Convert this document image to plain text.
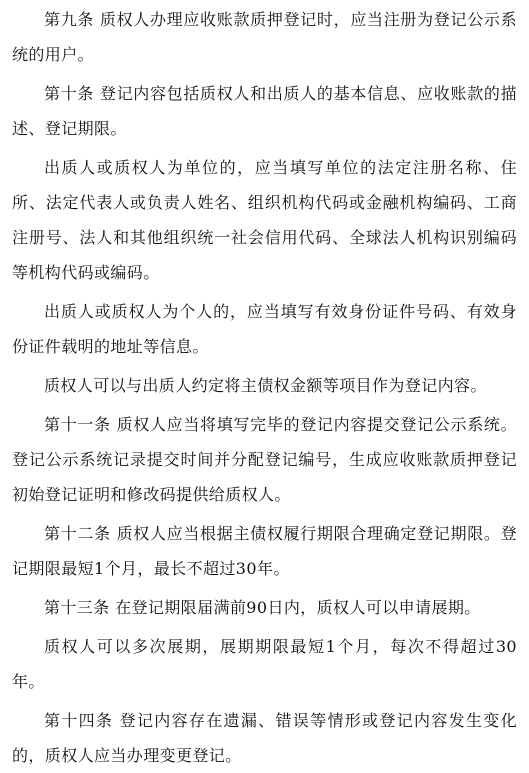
第九条 质权人办理应收账款质押登记时，应当注册为登记公示系统的用户。

第十条 登记内容包括质权人和出质人的基本信息、应收账款的描述、登记期限。

出质人或质权人为单位的，应当填写单位的法定注册名称、住所、法定代表人或负责人姓名、组织机构代码或金融机构编码、工商注册号、法人和其他组织统一社会信用代码、全球法人机构识别编码等机构代码或编码。

出质人或质权人为个人的，应当填写有效身份证件号码、有效身份证件载明的地址等信息。

质权人可以与出质人约定将主债权金额等项目作为登记内容。

第十一条 质权人应当将填写完毕的登记内容提交登记公示系统。登记公示系统记录提交时间并分配登记编号，生成应收账款质押登记初始登记证明和修改码提供给质权人。

第十二条 质权人应当根据主债权履行期限合理确定登记期限。登记期限最短1个月，最长不超过30年。

第十三条 在登记期限届满前90日内，质权人可以申请展期。

质权人可以多次展期，展期期限最短1个月，每次不得超过30年。

第十四条 登记内容存在遗漏、错误等情形或登记内容发生变化的，质权人应当办理变更登记。
